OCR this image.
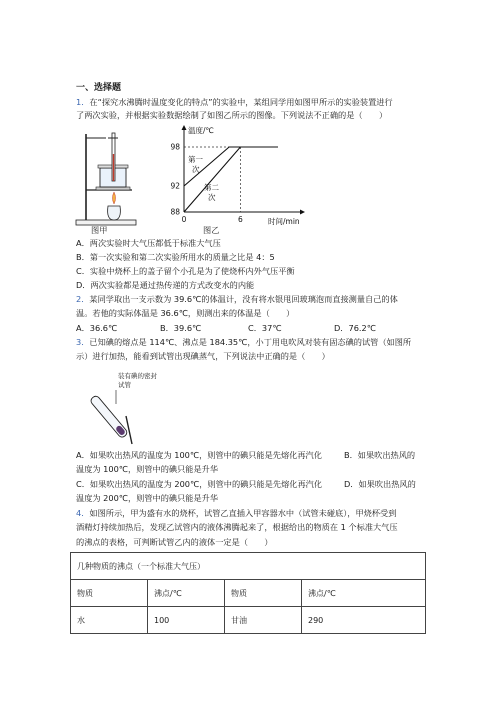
一、选择题
1．在“探究水沸腾时温度变化的特点”的实验中，某组同学用如图甲所示的实验装置进行
了两次实验，并根据实验数据绘制了如图乙所示的图像。下列说法不正确的是（　　）
图甲
温度/℃
时间/min
98
92
88
0	6
第一
次
第二
次
图乙
A．两次实验时大气压都低于标准大气压
B．第一次实验和第二次实验所用水的质量之比是 4：5
C．实验中烧杯上的盖子留个小孔是为了使烧杯内外气压平衡
D．两次实验都是通过热传递的方式改变水的内能
2．某同学取出一支示数为 39.6℃的体温计，没有将水银甩回玻璃泡而直接测量自己的体
温。若他的实际体温是 36.6℃，则测出来的体温是（　　）
A．36.6℃	B．39.6℃	C．37℃	D．76.2℃
3．已知碘的熔点是 114℃、沸点是 184.35℃，小丁用电吹风对装有固态碘的试管（如图所
示）进行加热，能看到试管出现碘蒸气，下列说法中正确的是（　　）
装有碘的密封
试管
A．如果吹出热风的温度为 100℃，则管中的碘只能是先熔化再汽化	B．如果吹出热风的
温度为 100℃，则管中的碘只能是升华
C．如果吹出热风的温度为 200℃，则管中的碘只能是先熔化再汽化	D．如果吹出热风的
温度为 200℃，则管中的碘只能是升华
4．如图所示，甲为盛有水的烧杯，试管乙直插入甲容器水中（试管未碰底），甲烧杯受到
酒精灯持续加热后，发现乙试管内的液体沸腾起来了，根据给出的物质在 1 个标准大气压
的沸点的表格，可判断试管乙内的液体一定是（　　）
几种物质的沸点（一个标准大气压）			
物质	沸点/℃	物质	沸点/℃
水	100	甘油	290
